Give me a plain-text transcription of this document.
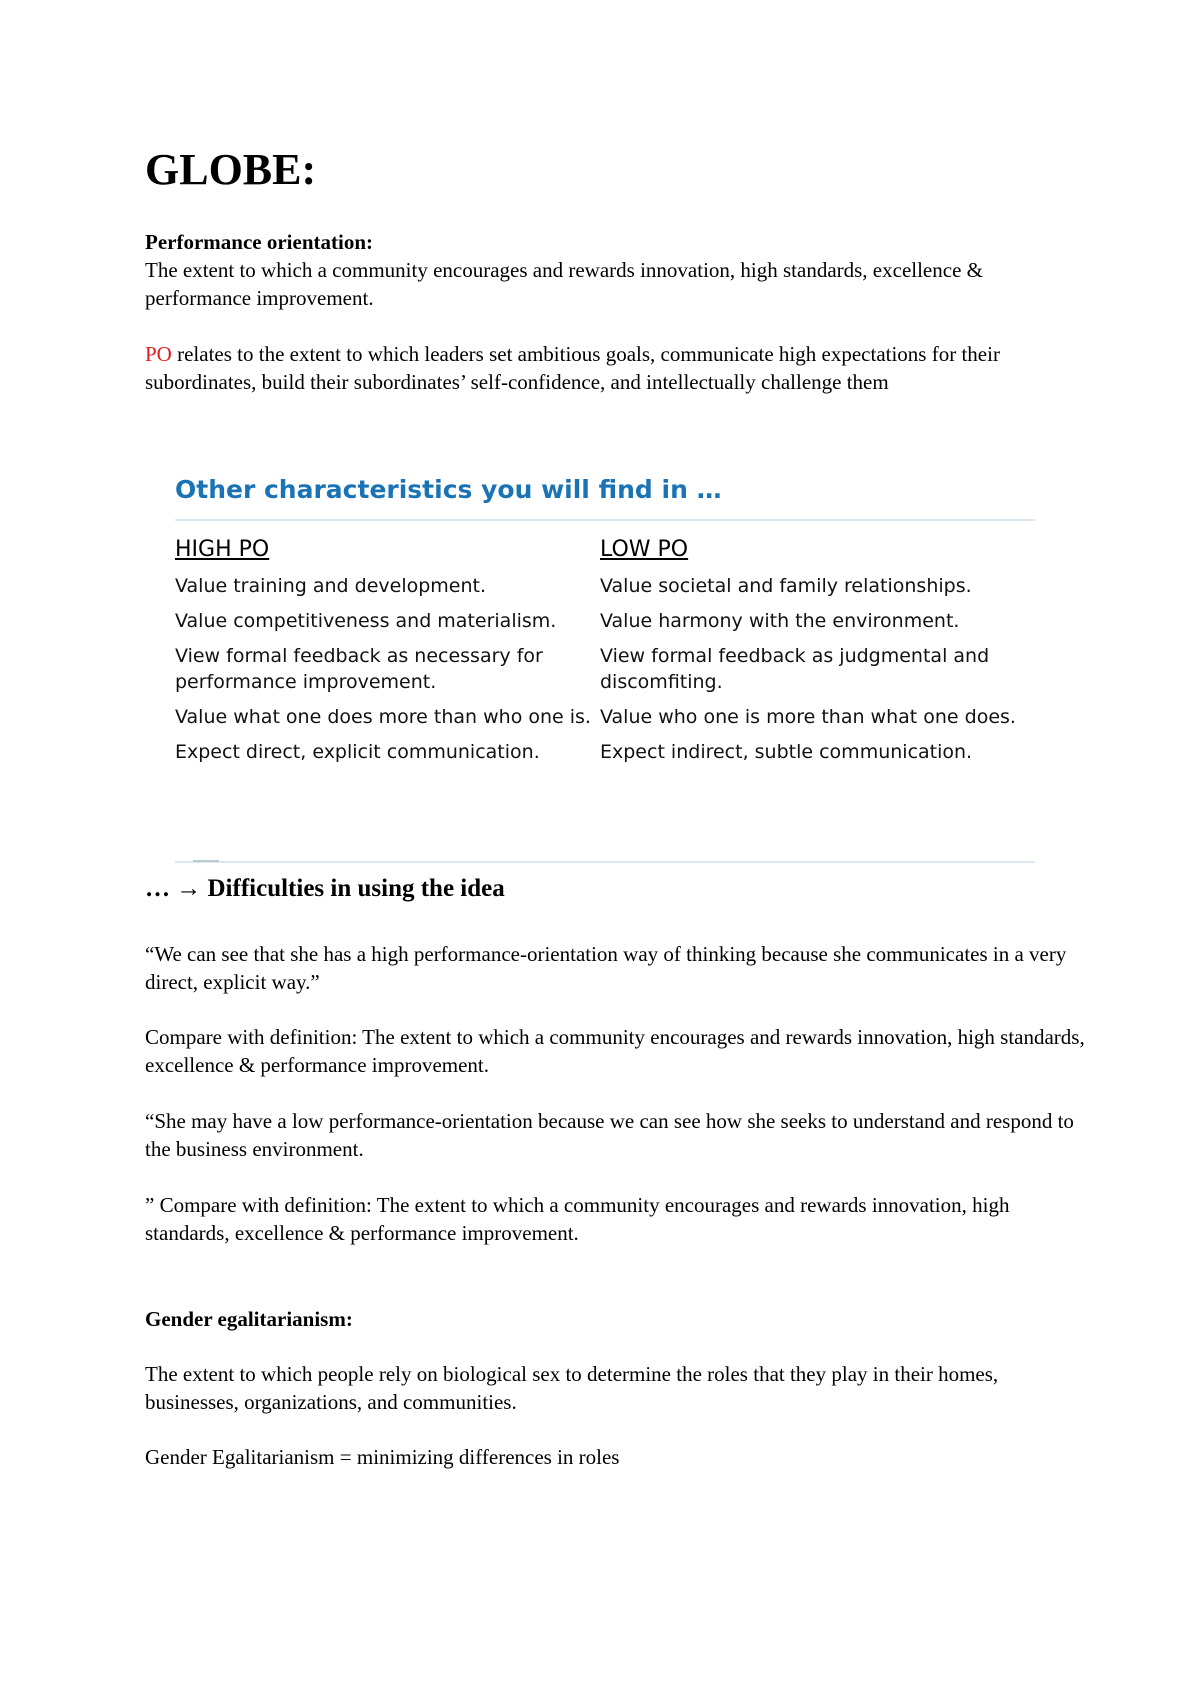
GLOBE:

Performance orientation:

The extent to which a community encourages and rewards innovation, high standards, excellence & performance improvement.

PO relates to the extent to which leaders set ambitious goals, communicate high expectations for their subordinates, build their subordinates’ self-confidence, and intellectually challenge them

Other characteristics you will find in …

HIGH PO

Value training and development.

Value competitiveness and materialism.

View formal feedback as necessary for performance improvement.

Value what one does more than who one is.

Expect direct, explicit communication.

LOW PO

Value societal and family relationships.

Value harmony with the environment.

View formal feedback as judgmental and discomfiting.

Value who one is more than what one does.

Expect indirect, subtle communication.

… → Difficulties in using the idea

“We can see that she has a high performance-orientation way of thinking because she communicates in a very direct, explicit way.”

Compare with definition: The extent to which a community encourages and rewards innovation, high standards, excellence & performance improvement.

“She may have a low performance-orientation because we can see how she seeks to understand and respond to the business environment.

” Compare with definition: The extent to which a community encourages and rewards innovation, high standards, excellence & performance improvement.

Gender egalitarianism:

The extent to which people rely on biological sex to determine the roles that they play in their homes, businesses, organizations, and communities.

Gender Egalitarianism = minimizing differences in roles
